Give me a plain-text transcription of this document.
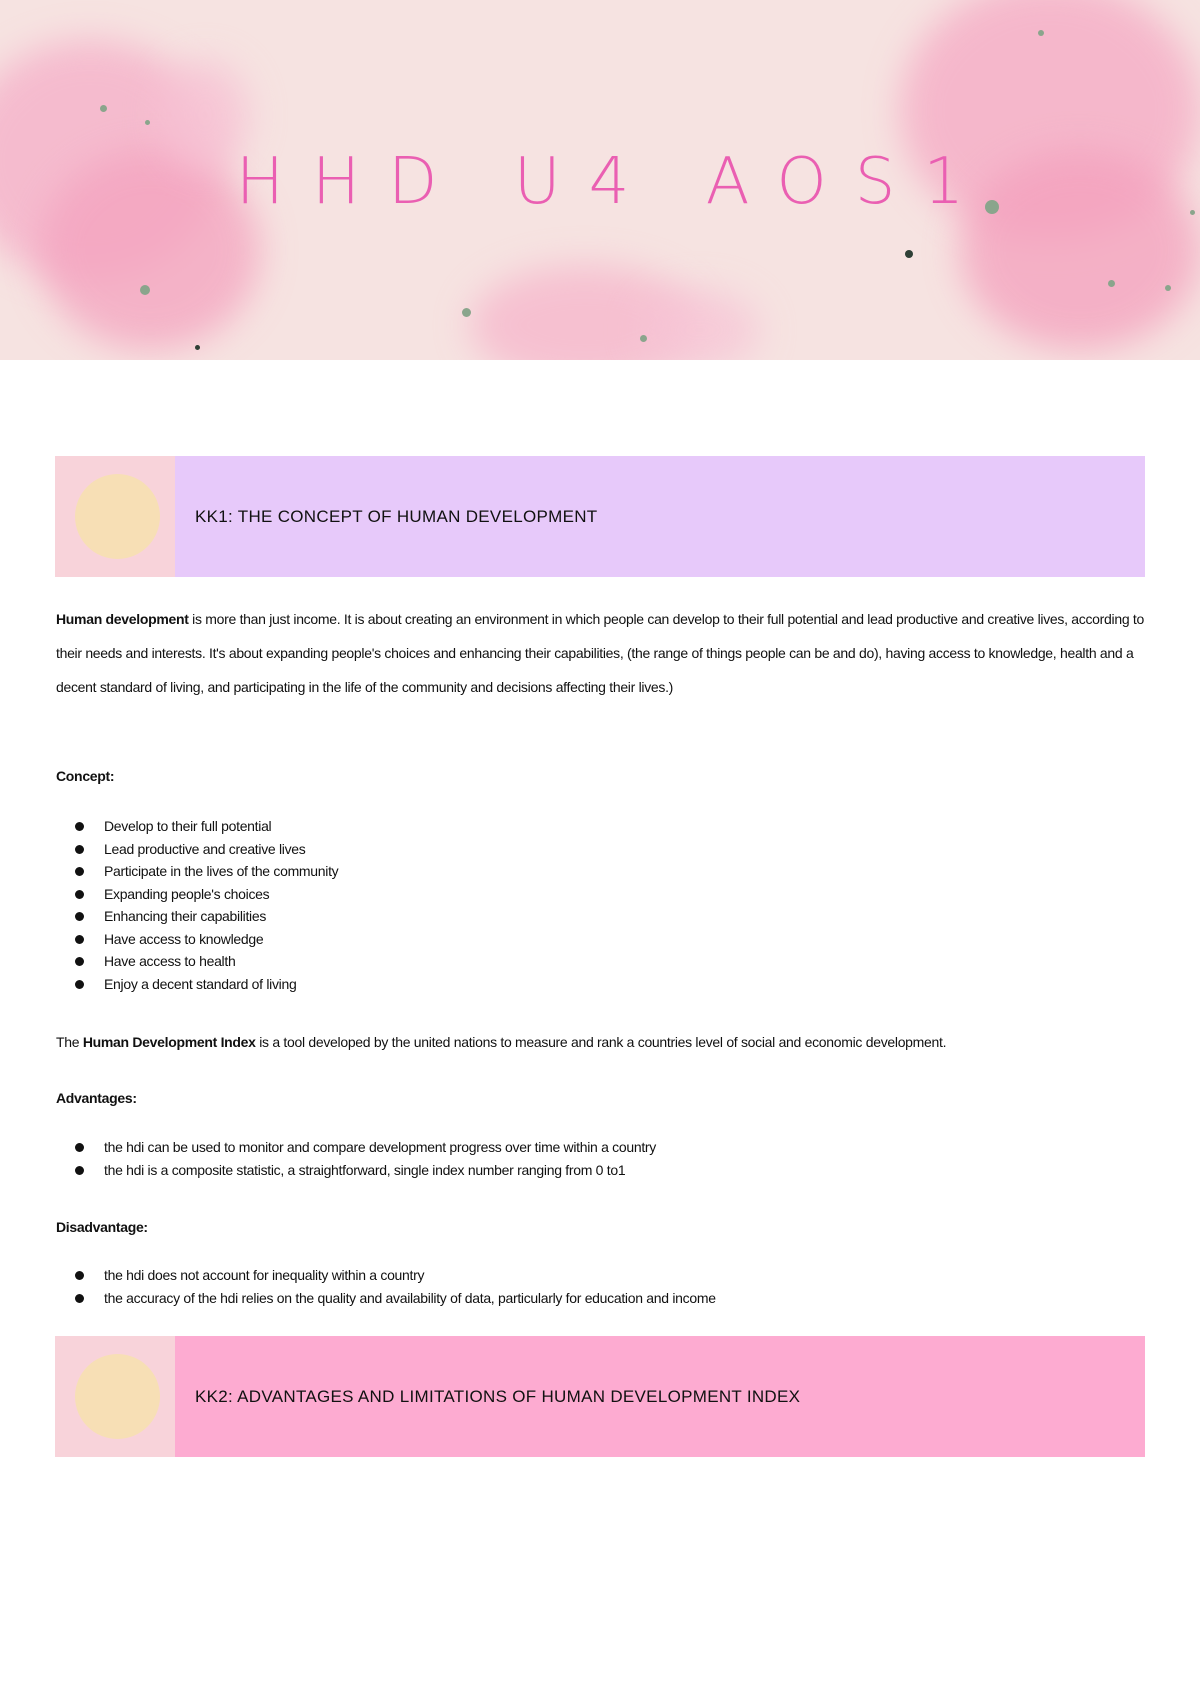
HHD U4 AOS1
KK1: THE CONCEPT OF HUMAN DEVELOPMENT

Human development is more than just income. It is about creating an environment in which people can develop to their full potential and lead productive and creative lives, according to their needs and interests. It's about expanding people's choices and enhancing their capabilities, (the range of things people can be and do), having access to knowledge, health and a decent standard of living, and participating in the life of the community and decisions affecting their lives.)

Concept:

Develop to their full potential
Lead productive and creative lives
Participate in the lives of the community
Expanding people's choices
Enhancing their capabilities
Have access to knowledge
Have access to health
Enjoy a decent standard of living

The Human Development Index is a tool developed by the united nations to measure and rank a countries level of social and economic development.

Advantages:

the hdi can be used to monitor and compare development progress over time within a country
the hdi is a composite statistic, a straightforward, single index number ranging from 0 to1

Disadvantage:

the hdi does not account for inequality within a country
the accuracy of the hdi relies on the quality and availability of data, particularly for education and income
KK2: ADVANTAGES AND LIMITATIONS OF HUMAN DEVELOPMENT INDEX
